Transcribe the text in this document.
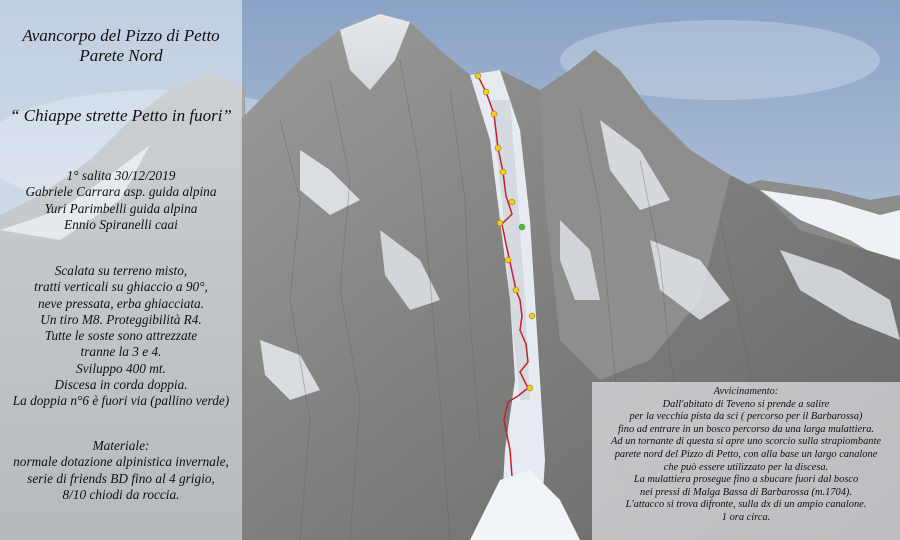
Avancorpo del Pizzo di Petto

Parete Nord

“ Chiappe strette Petto in fuori”

1° salita 30/12/2019
Gabriele Carrara asp. guida alpina
Yuri Parimbelli guida alpina
Ennio Spiranelli caai
Scalata su terreno misto,
tratti verticali su ghiaccio a 90°,
neve pressata, erba ghiacciata.
Un tiro M8. Proteggibilità R4.
Tutte le soste sono attrezzate
tranne la 3 e 4.
Sviluppo 400 mt.
Discesa in corda doppia.
La doppia n°6 è fuori via (pallino verde)
Materiale:
normale dotazione alpinistica invernale,
serie di friends BD fino al 4 grigio,
8/10 chiodi da roccia.
Avvicinamento:
Dall'abitato di Teveno si prende a salire
per la vecchia pista da sci ( percorso per il Barbarossa)
fino ad entrare in un bosco percorso da una larga mulattiera.
Ad un tornante di questa si apre uno scorcio sulla strapiombante
parete nord del Pizzo di Petto, con alla base un largo canalone
che può essere utilizzato per la discesa.
La mulattiera prosegue fino a sbucare fuori dal bosco
nei pressi di Malga Bassa di Barbarossa (m.1704).
L'attacco si trova difronte, sulla dx di un ampio canalone.
1 ora circa.
